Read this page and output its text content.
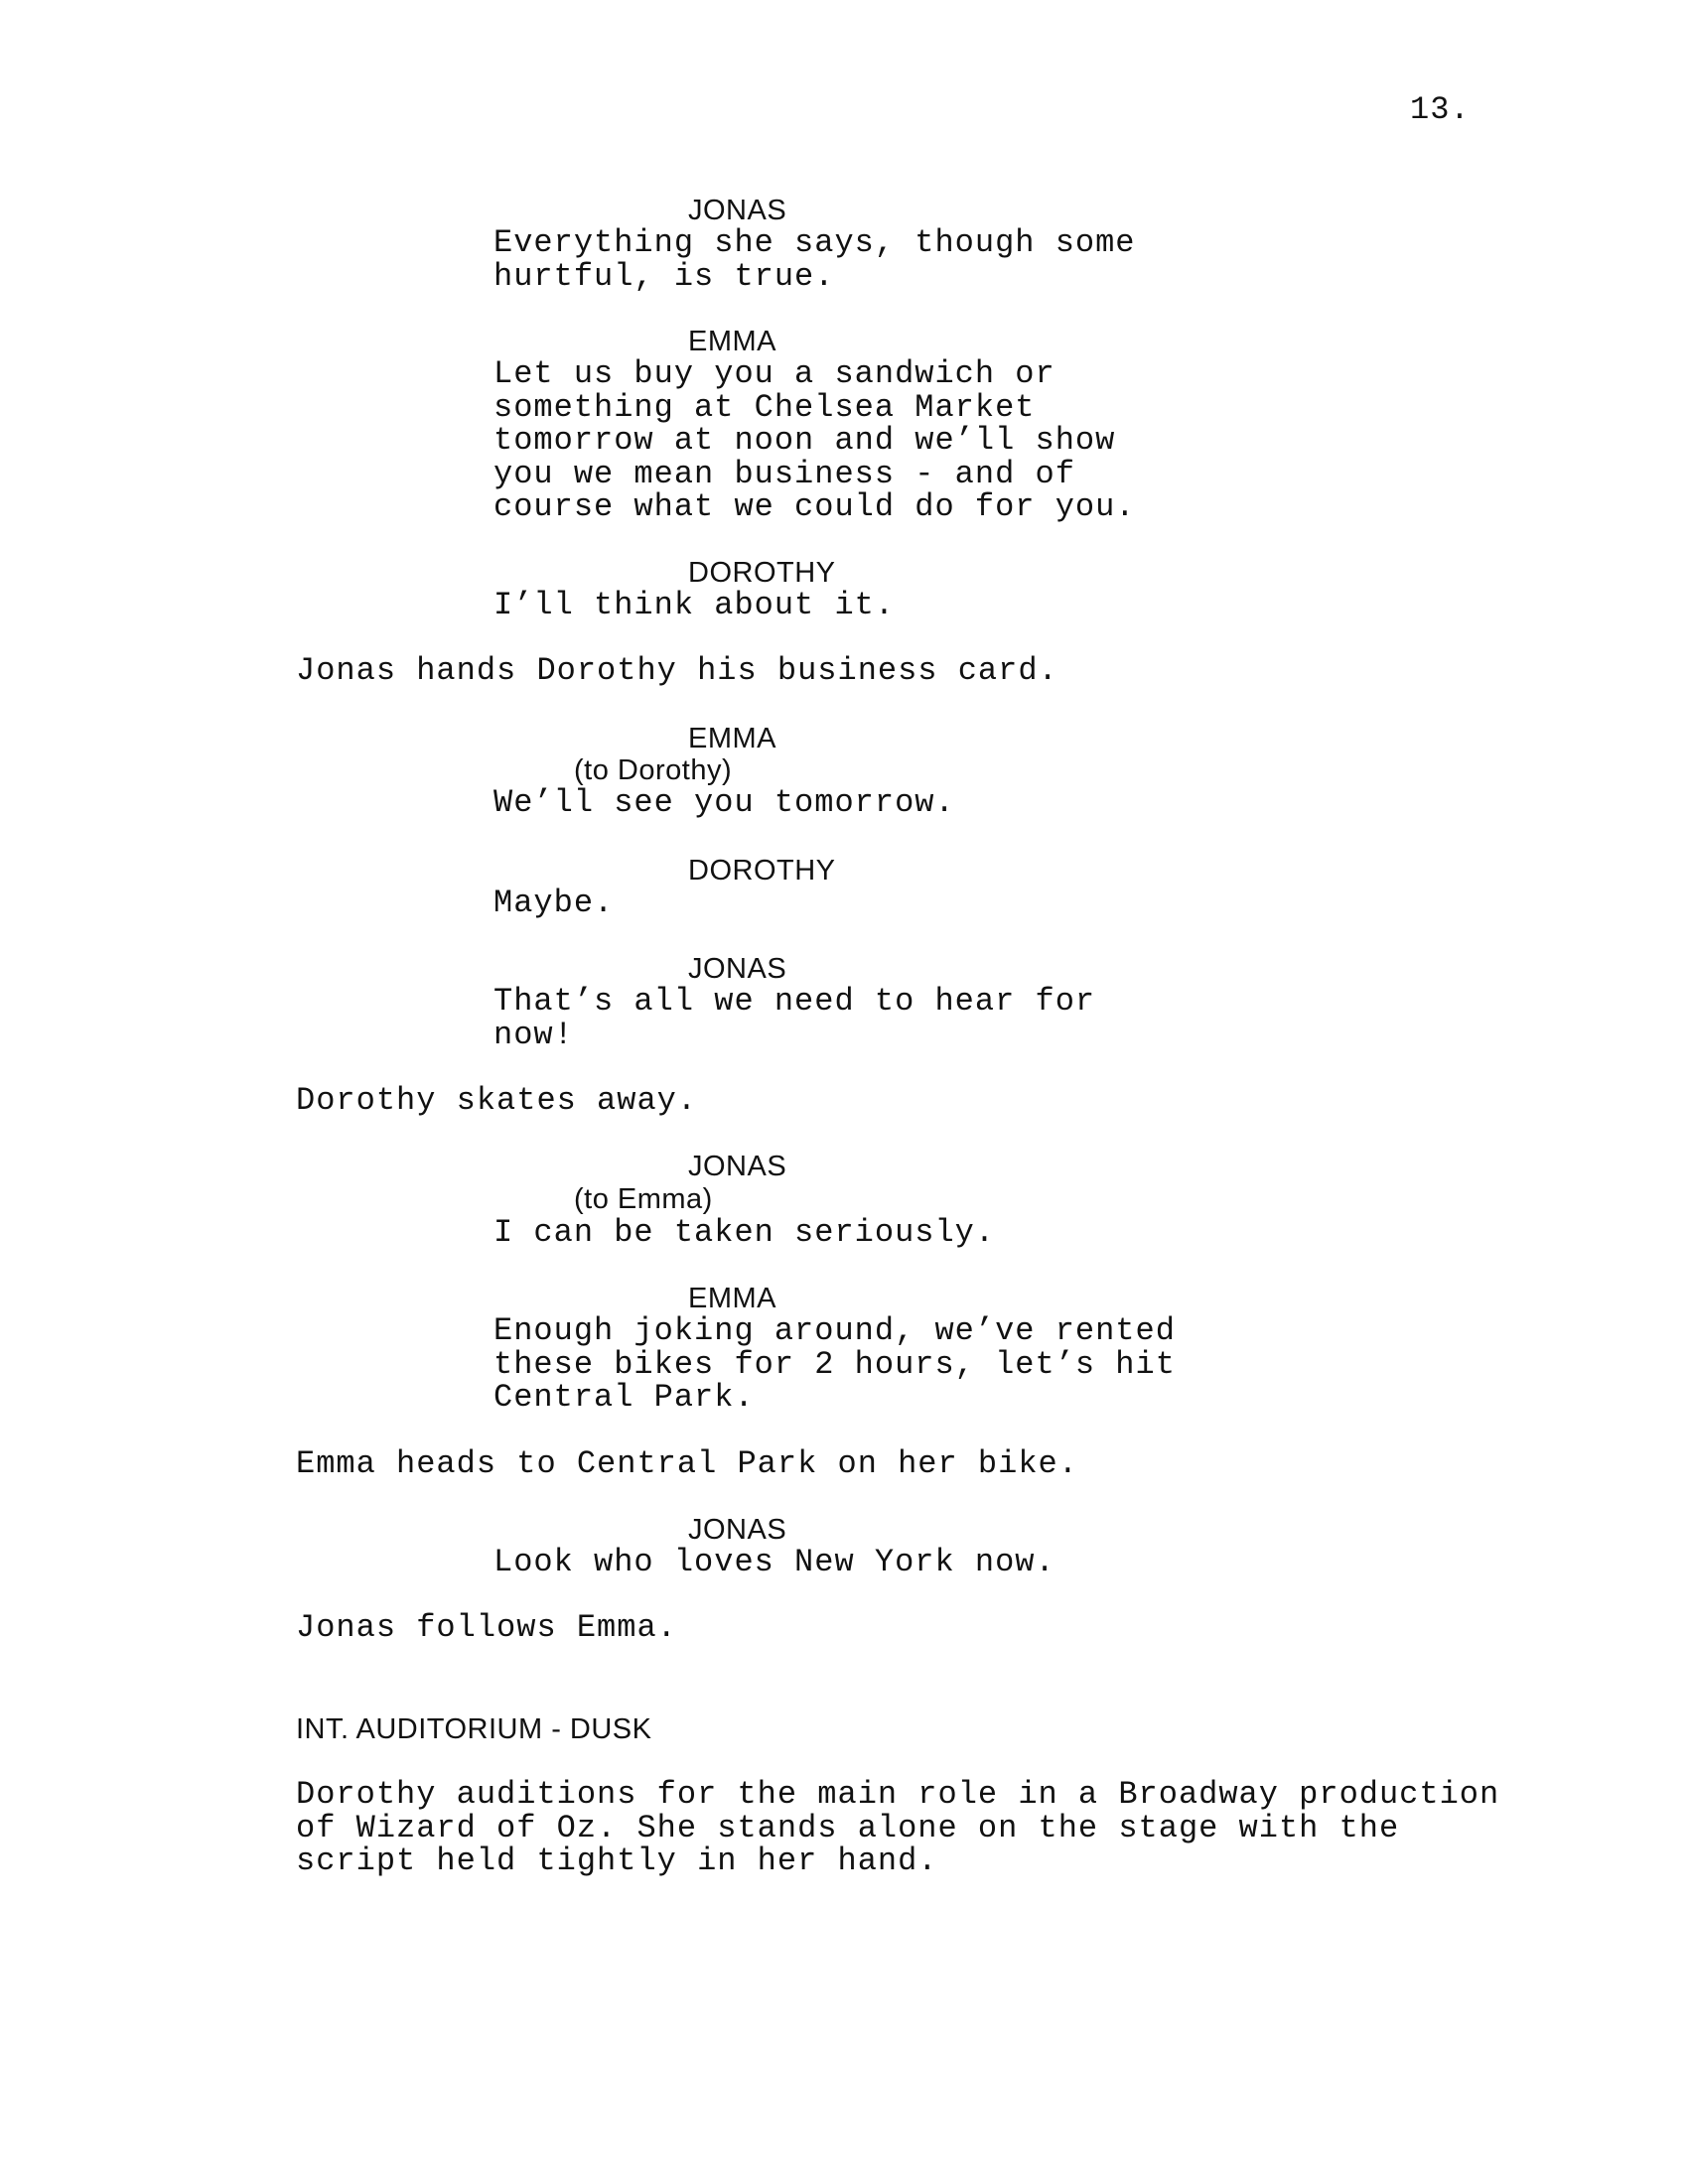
13.
JONAS
Everything she says, though some
hurtful, is true.
EMMA
Let us buy you a sandwich or
something at Chelsea Market
tomorrow at noon and we’ll show
you we mean business - and of
course what we could do for you.
DOROTHY
I’ll think about it.
Jonas hands Dorothy his business card.
EMMA
(to Dorothy)
We’ll see you tomorrow.
DOROTHY
Maybe.
JONAS
That’s all we need to hear for
now!
Dorothy skates away.
JONAS
(to Emma)
I can be taken seriously.
EMMA
Enough joking around, we’ve rented
these bikes for 2 hours, let’s hit
Central Park.
Emma heads to Central Park on her bike.
JONAS
Look who loves New York now.
Jonas follows Emma.
INT. AUDITORIUM - DUSK
Dorothy auditions for the main role in a Broadway production
of Wizard of Oz. She stands alone on the stage with the
script held tightly in her hand.
